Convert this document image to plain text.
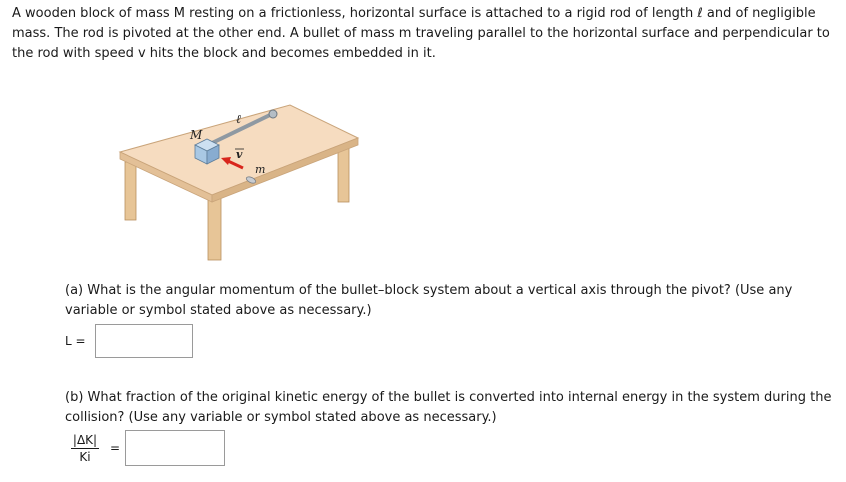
A wooden block of mass M resting on a frictionless, horizontal surface is attached to a rigid rod of length ℓ and of negligible mass. The rod is pivoted at the other end. A bullet of mass m traveling parallel to the horizontal surface and perpendicular to the rod with speed v hits the block and becomes embedded in it.
M
ℓ
v
m
(a) What is the angular momentum of the bullet–block system about a vertical axis through the pivot? (Use any variable or symbol stated above as necessary.)
L =
(b) What fraction of the original kinetic energy of the bullet is converted into internal energy in the system during the collision? (Use any variable or symbol stated above as necessary.)
$\frac{|\Delta K|}{Ki}$ =
